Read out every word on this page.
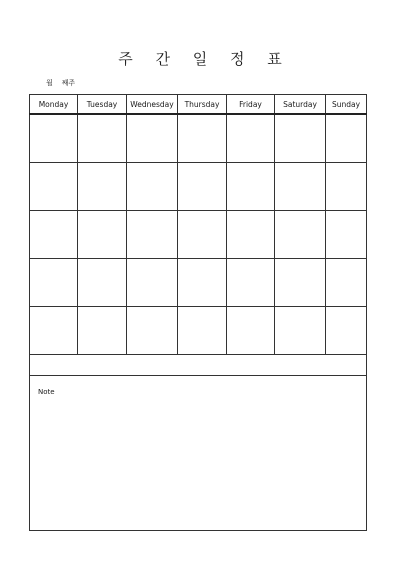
주 간 일 정 표
월    째주
Monday	Tuesday	Wednesday	Thursday	Friday	Saturday	Sunday

Note						
